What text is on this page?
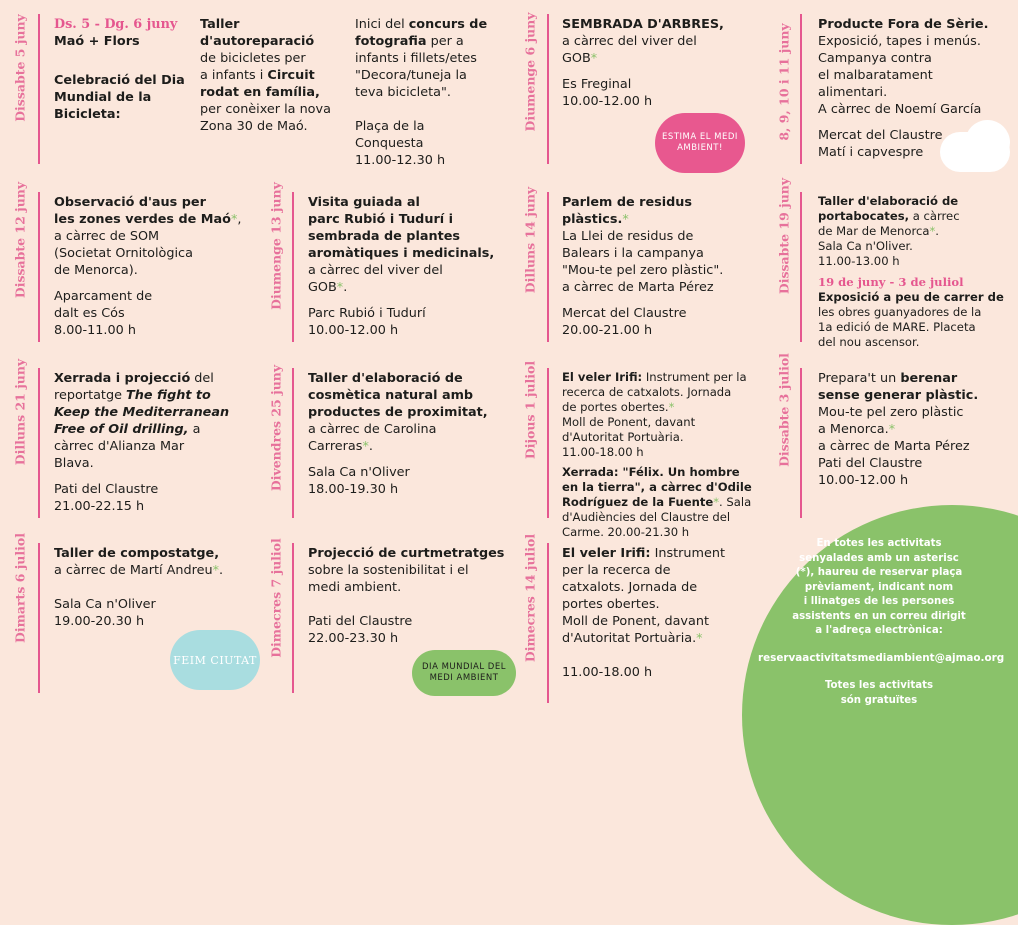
Dissabte 5 juny	Diumenge 6 juny	8, 9, 10 i 11 juny
Dissabte 12 juny	Diumenge 13 juny	Dilluns 14 juny	Dissabte 19 juny
Dilluns 21 juny	Divendres 25 juny	Dijous 1 juliol	Dissabte 3 juliol
Dimarts 6 juliol	Dimecres 7 juliol	Dimecres 14 juliol

Ds. 5 - Dg. 6 juny

Maó + Flors

Celebració del Dia Mundial de la Bicicleta:

Taller

d'autoreparació

de bicicletes per

a infants i Circuit

rodat en família,

per conèixer la nova

Zona 30 de Maó.

Inici del concurs de

fotografia per a

infants i fillets/etes

"Decora/tuneja la

teva bicicleta".

Plaça de la

Conquesta

11.00-12.30 h

SEMBRADA D'ARBRES,

a càrrec del viver del

GOB*

Es Freginal

10.00-12.00 h

Producte Fora de Sèrie.

Exposició, tapes i menús.

Campanya contra

el malbaratament

alimentari.

A càrrec de Noemí García

Mercat del Claustre

Matí i capvespre

Observació d'aus per

les zones verdes de Maó*,

a càrrec de SOM

(Societat Ornitològica

de Menorca).

Aparcament de

dalt es Cós

8.00-11.00 h

Visita guiada al

parc Rubió i Tudurí i

sembrada de plantes

aromàtiques i medicinals,

a càrrec del viver del

GOB*.

Parc Rubió i Tudurí

10.00-12.00 h

Parlem de residus

plàstics.*

La Llei de residus de

Balears i la campanya

"Mou-te pel zero plàstic".

a càrrec de Marta Pérez

Mercat del Claustre

20.00-21.00 h

Taller d'elaboració de

portabocates, a càrrec

de Mar de Menorca*.

Sala Ca n'Oliver.

11.00-13.00 h

19 de juny - 3 de juliol

Exposició a peu de carrer de

les obres guanyadores de la

1a edició de MARE. Placeta

del nou ascensor.

Xerrada i projecció del

reportatge The fight to

Keep the Mediterranean

Free of Oil drilling, a

càrrec d'Alianza Mar

Blava.

Pati del Claustre

21.00-22.15 h

Taller d'elaboració de

cosmètica natural amb

productes de proximitat,

a càrrec de Carolina

Carreras*.

Sala Ca n'Oliver

18.00-19.30 h

El veler Irifi: Instrument per la

recerca de catxalots. Jornada

de portes obertes.*

Moll de Ponent, davant

d'Autoritat Portuària.

11.00-18.00 h

Xerrada: "Félix. Un hombre

en la tierra", a càrrec d'Odile

Rodríguez de la Fuente*. Sala

d'Audiències del Claustre del

Carme. 20.00-21.30 h

Prepara't un berenar

sense generar plàstic.

Mou-te pel zero plàstic

a Menorca.*

a càrrec de Marta Pérez

Pati del Claustre

10.00-12.00 h

Taller de compostatge,

a càrrec de Martí Andreu*.

Sala Ca n'Oliver

19.00-20.30 h

Projecció de curtmetratges

sobre la sostenibilitat i el

medi ambient.

Pati del Claustre

22.00-23.30 h

El veler Irifi: Instrument

per la recerca de

catxalots. Jornada de

portes obertes.

Moll de Ponent, davant

d'Autoritat Portuària.*

11.00-18.00 h

ESTIMA EL MEDI AMBIENT!
FEIM CIUTAT
DIA MUNDIAL DEL MEDI AMBIENT

En totes les activitats

senyalades amb un asterisc

(*), haureu de reservar plaça

prèviament, indicant nom

i llinatges de les persones

assistents en un correu dirigit

a l'adreça electrònica:

reservaactivitatsmediambient@ajmao.org

Totes les activitats

són gratuïtes
